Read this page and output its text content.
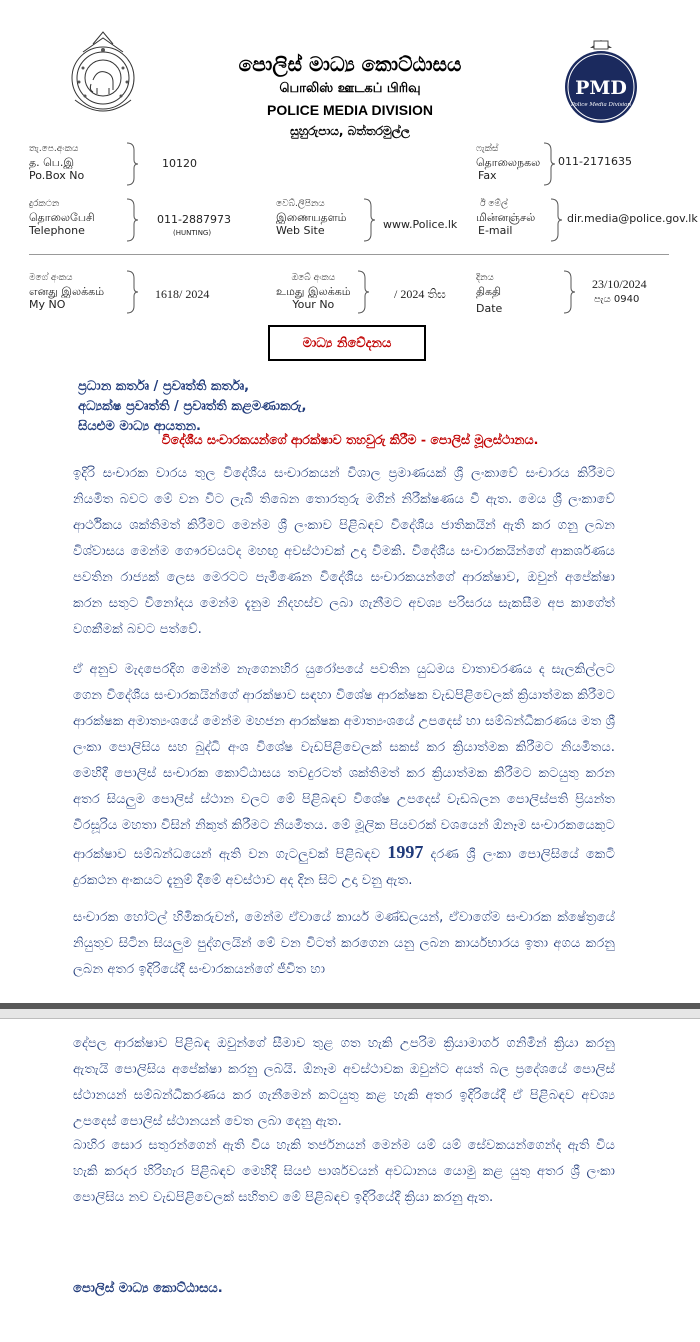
PMD
Police Media Division
පොලිස් මාධ්‍ය කොට්ඨාසය
பொலிஸ் ஊடகப் பிரிவு
POLICE MEDIA DIVISION
සුහුරුපාය, බත්තරමුල්ල
තැ.පෙ.අංකය
த. பெ.இ
Po.Box No
10120
ෆැක්ස්
தொலைநகல
Fax
011-2171635
දුරකථන
தொலைபேசி
Telephone
011-2887973
(HUNTING)
වෙබ්.ලිපිනය
இணையதளம்
Web Site	www.Police.lk
ඊ මේල්
மின்னஞ்சல்
E-mail
dir.media@police.gov.lk
මගේ අංකය
எனது இலக்கம்
My NO
1618/ 2024
ඔබේ අංකය
உமது இலக்கம்
Your No
/ 2024 තිඝ
දිනය
திகதி
Date
23/10/2024
පැය 0940
මාධ්‍ය නිවේදනය
ප්‍රධාන කර්තෘ / ප්‍රවෘත්ති කර්තෘ,
අධ්‍යක්ෂ ප්‍රවෘත්ති / ප්‍රවෘත්ති කළමණාකරු,
සියළුම මාධ්‍ය ආයතන.
විදේශීය සංචාරකයන්ගේ ආරක්ෂාව තහවුරු කිරීම - පොලිස් මූලස්ථානය.
ඉදිරි සංචාරක වාරය තුල විදේශීය සංචාරකයන් විශාල ප්‍රමාණයක් ශ්‍රී ලංකාවේ සංචාරය කිරීමට නියමිත බවට මේ වන විට ලැබී තිබෙන තොරතුරු මගින් නිරීක්ෂණය වී ඇත. මෙය ශ්‍රී ලංකාවේ ආර්ථිකය ශක්තිමත් කිරීමට මෙන්ම ශ්‍රී ලංකාව පිළිබඳව විදේශීය ජාතිකයින් ඇති කර ගනු ලබන විශ්වාසය මෙන්ම ගෞරවයටද මහඟු අවස්ථාවක් උදා විමකි. විදේශීය සංචාරකයින්ගේ ආකර්ශණය පවතින රාජ්‍යක් ලෙස මෙරටට පැමිණෙන විදේශීය සංචාරකයන්ගේ ආරක්ෂාව, ඔවුන් අපේක්ෂා කරන සතුට විනෝදය මෙන්ම දැනුම නිදහස්ව ලබා ගැනීමට අවශ්‍ය පරිසරය සැකසීම අප කාගේත් වගකීමක් බවට පත්වේ.
ඒ අනුව මැදපෙරදිග මෙන්ම නැගෙනහිර යුරෝපයේ පවතින යුධමය වාතාවරණය ද සැලකිල්ලට ගෙන විදේශීය සංචාරකයින්ගේ ආරක්ෂාව සඳහා විශේෂ ආරක්ෂක වැඩපිළිවෙලක් ක්‍රියාත්මක කිරීමට ආරක්ෂක අමාත්‍යංශයේ මෙන්ම මහජන ආරක්ෂක අමාත්‍යංශයේ උපදෙස් හා සම්බන්ධීකරණය මත ශ්‍රී ලංකා පොලිසිය සහ බුද්ධි අංශ විශේෂ වැඩපිළිවෙලක් සකස් කර ක්‍රියාත්මක කිරීමට නියමිතය. මෙහිදී පොලිස් සංචාරක කොට්ඨාසය තවදුරටත් ශක්තිමත් කර ක්‍රියාත්මක කිරීමට කටයුතු කරන අතර සියලුම පොලිස් ස්ථාන වලට මේ පිළිබඳව විශේෂ උපදෙස් වැඩබලන පොලිස්පති ප්‍රියන්ත වීරසූරිය මහතා විසින් නිකුත් කිරීමට නියමිතය. මේ මූලික පියවරක් වශයෙන් ඕනෑම සංචාරකයෙකුට ආරක්ෂාව සම්බන්ධයෙන් ඇති වන ගැටලුවක් පිළිබඳව 1997 දරණ ශ්‍රී ලංකා පොලිසියේ කෙටි දුරකථන අංකයට දැනුම් දීමේ අවස්ථාව අද දින සිට උදා වනු ඇත.
සංචාරක හෝටල් හිමිකරුවන්, මෙන්ම ඒවායේ කාර්ය මණ්ඩලයන්, ඒවාගේම සංචාරක ක්ෂේත්‍රයේ නියුතුව සිටින සියලුම පුද්ගලයින් මේ වන විටත් කරගෙන යනු ලබන කාර්යභාරය ඉතා අගය කරනු ලබන අතර ඉදිරියේදී සංචාරකයන්ගේ ජීවිත හා
දේපල ආරක්ෂාව පිළිබඳ ඔවුන්ගේ සීමාව තුළ ගත හැකි උපරිම ක්‍රියාමාර්ග ගනිමින් ක්‍රියා කරනු ඇතැයි පොලිසිය අපේක්ෂා කරනු ලබයි. ඕනෑම අවස්ථාවක ඔවුන්ට අයත් බල ප්‍රදේශයේ පොලිස් ස්ථානයන් සම්බන්ධීකරණය කර ගැනීමෙන් කටයුතු කළ හැකි අතර ඉදිරියේදී ඒ පිළිබඳව අවශ්‍ය උපදෙස් පොලිස් ස්ථානයන් වෙත ලබා දෙනු ඇත.
බාහිර සොර සතුරන්ගෙන් ඇති විය හැකි තර්ජනයන් මෙන්ම යම් යම් සේවකයන්ගෙන්ද ඇති විය හැකි කරදර හිරිහැර පිළිබඳව මෙහිදී සියළු පාර්ශවයන් අවධානය යොමු කළ යුතු අතර ශ්‍රී ලංකා පොලිසිය නව වැඩපිළිවෙලක් සහිතව මේ පිළිබඳව ඉදිරියේදී ක්‍රියා කරනු ඇත.
පොලිස් මාධ්‍ය කොට්ඨාසය.
